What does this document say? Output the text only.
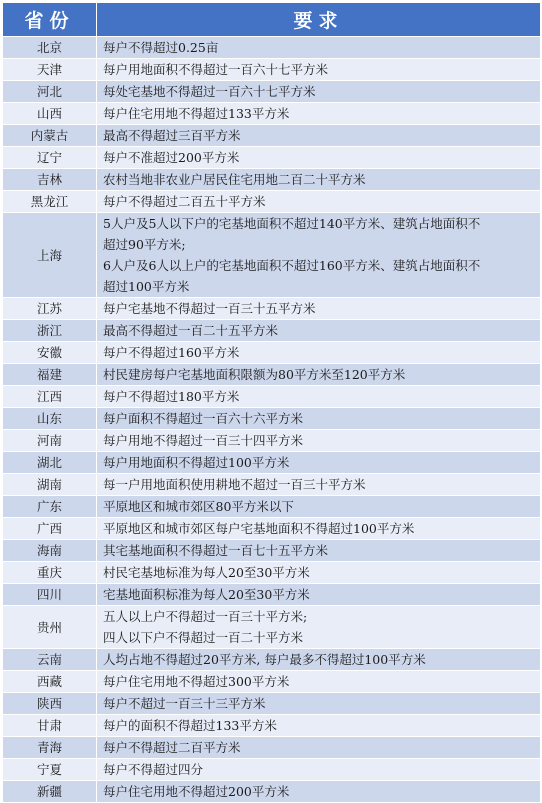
省份	要求
北京	每户不得超过0.25亩

天津	每户用地面积不得超过一百六十七平方米

河北	每处宅基地不得超过一百六十七平方米

山西	每户住宅用地不得超过133平方米

内蒙古	最高不得超过三百平方米

辽宁	每户不准超过200平方米

吉林	农村当地非农业户居民住宅用地二百二十平方米

黑龙江	每户不得超过二百五十平方米

上海	5人户及5人以下户的宅基地面积不超过140平方米、建筑占地面积不
超过90平方米;
6人户及6人以上户的宅基地面积不超过160平方米、建筑占地面积不
超过100平方米

江苏	每户宅基地不得超过一百三十五平方米

浙江	最高不得超过一百二十五平方米

安徽	每户不得超过160平方米

福建	村民建房每户宅基地面积限额为80平方米至120平方米

江西	每户不得超过180平方米

山东	每户面积不得超过一百六十六平方米

河南	每户用地不得超过一百三十四平方米

湖北	每户用地面积不得超过100平方米

湖南	每一户用地面积使用耕地不超过一百三十平方米

广东	平原地区和城市郊区80平方米以下

广西	平原地区和城市郊区每户宅基地面积不得超过100平方米

海南	其宅基地面积不得超过一百七十五平方米

重庆	村民宅基地标准为每人20至30平方米

四川	宅基地面积标准为每人20至30平方米

贵州	五人以上户不得超过一百三十平方米;
四人以下户不得超过一百二十平方米

云南	人均占地不得超过20平方米, 每户最多不得超过100平方米

西藏	每户住宅用地不得超过300平方米

陕西	每户不超过一百三十三平方米

甘肃	每户的面积不得超过133平方米

青海	每户不得超过二百平方米

宁夏	每户不得超过四分

新疆	每户住宅用地不得超过200平方米
